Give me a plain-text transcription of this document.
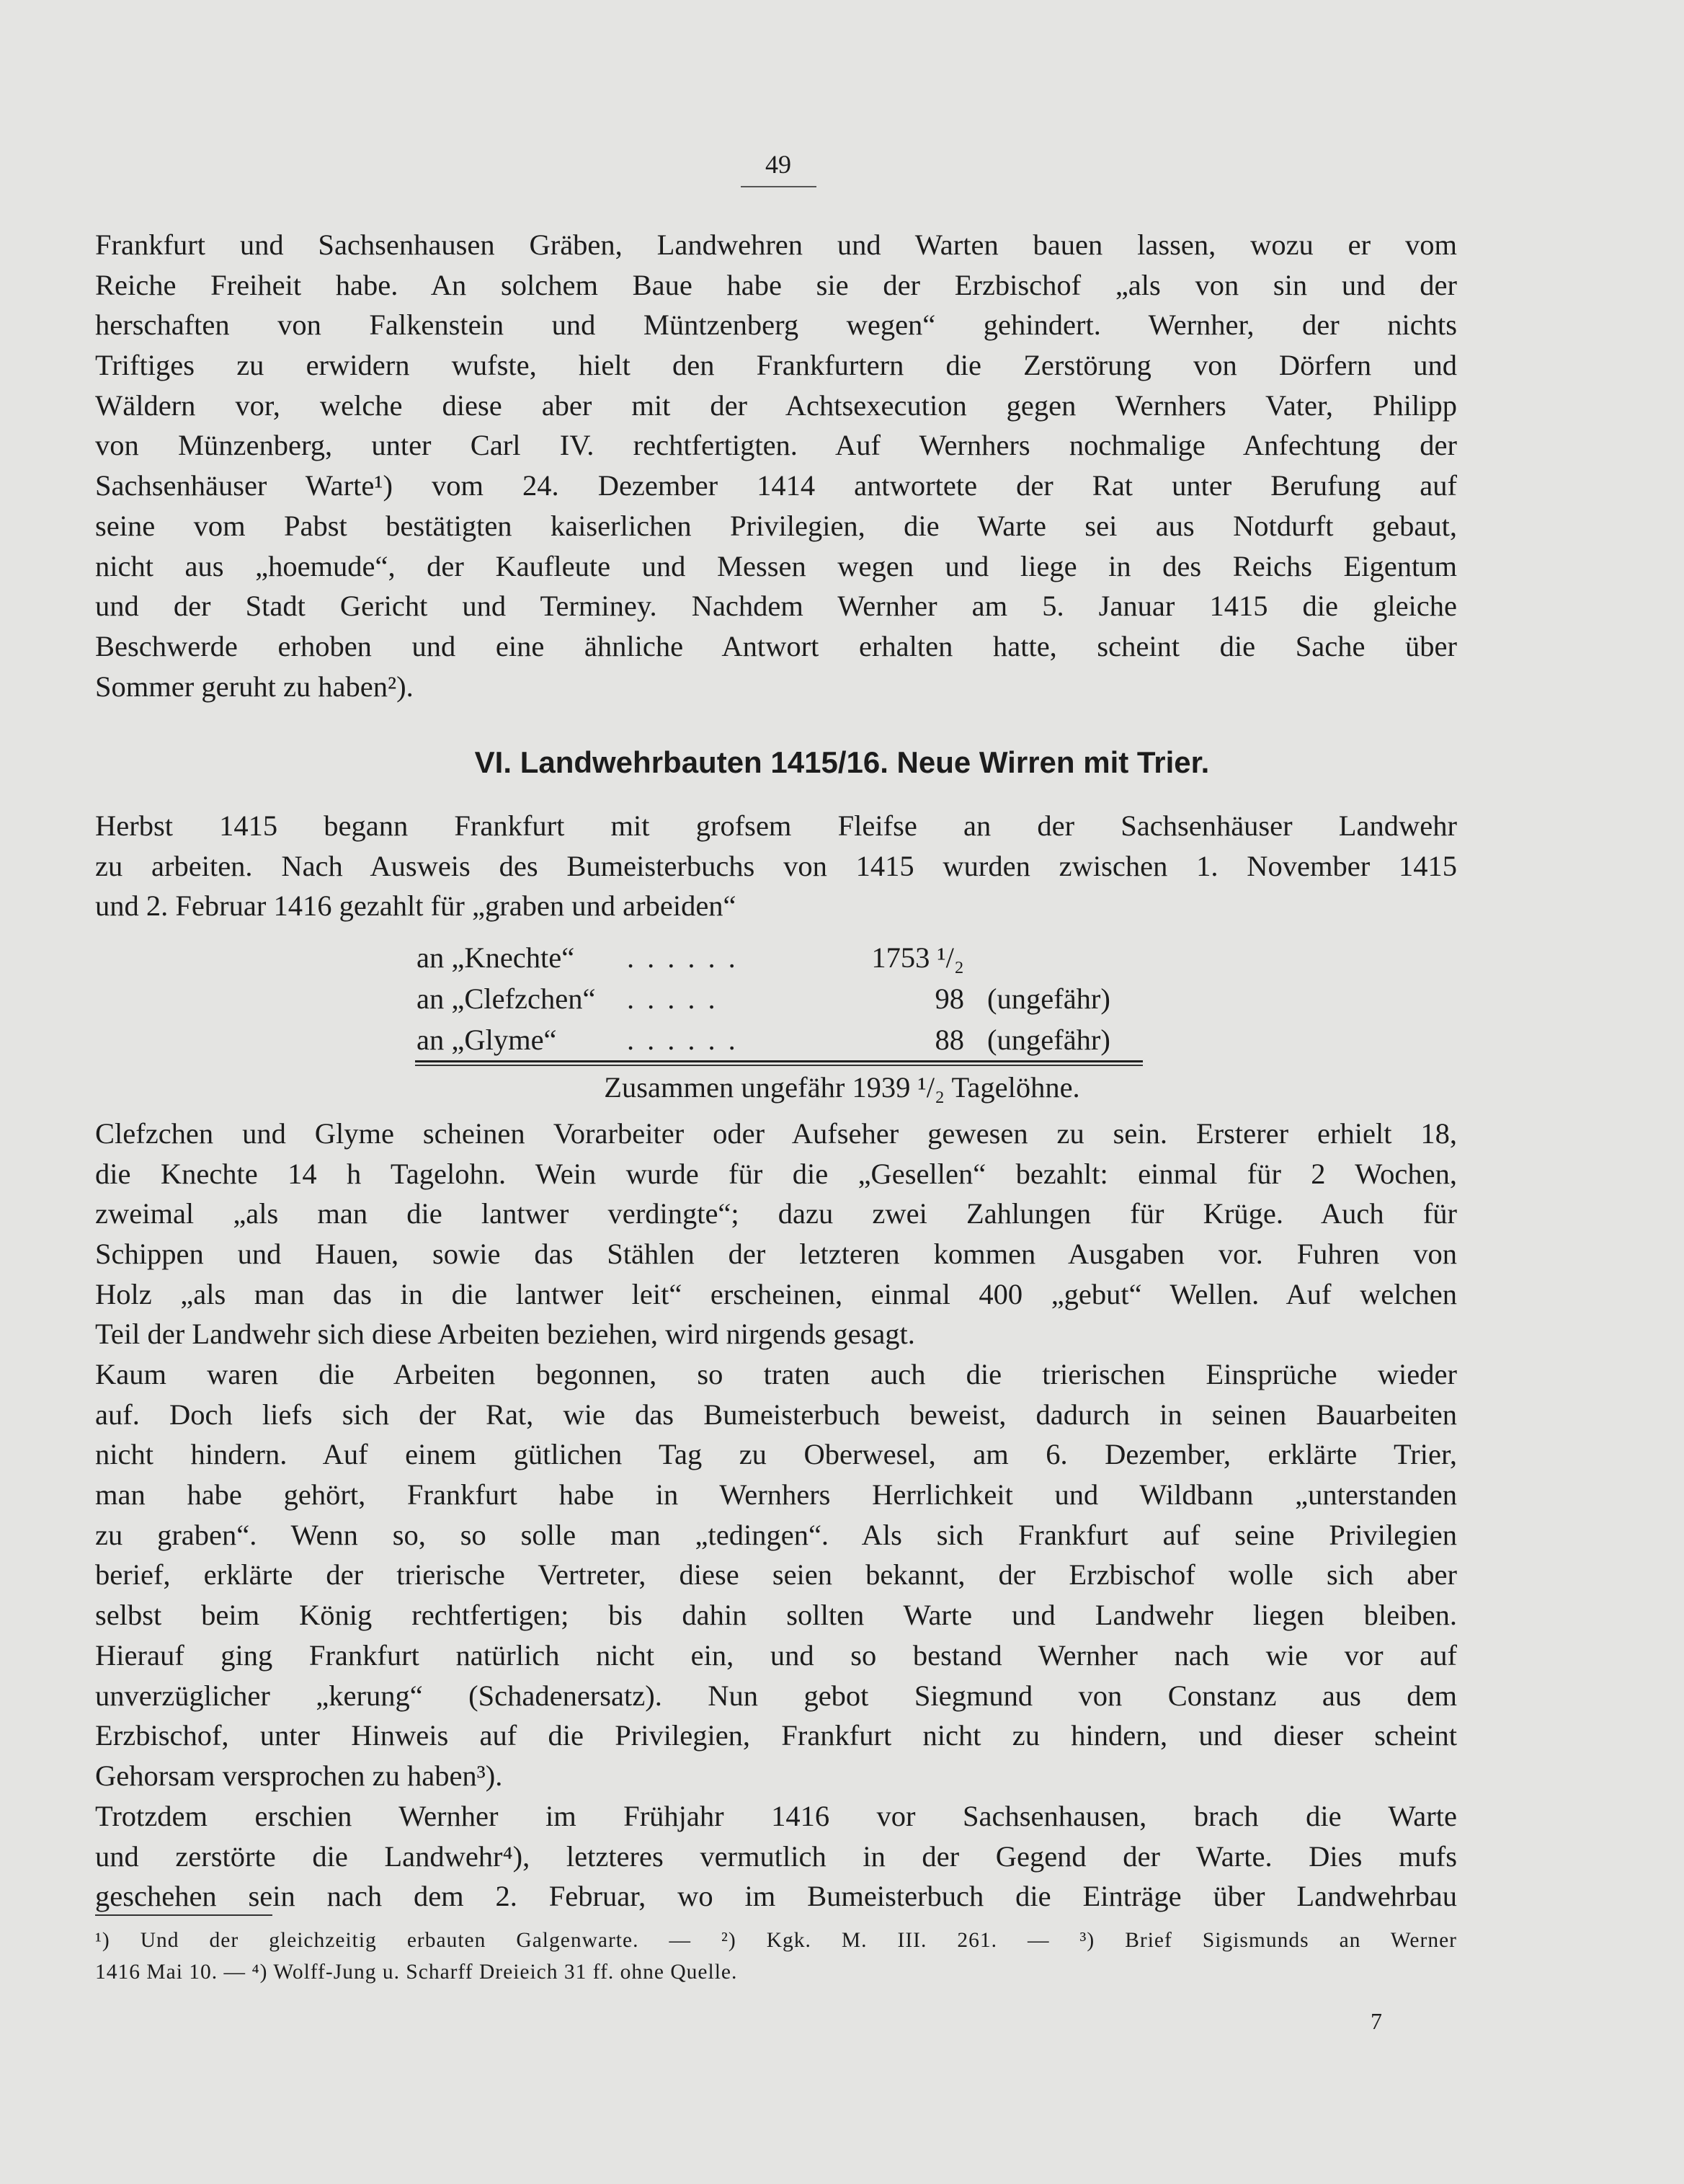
49
Frankfurt und Sachsenhausen Gräben, Landwehren und Warten bauen lassen, wozu er vom
Reiche Freiheit habe. An solchem Baue habe sie der Erzbischof „als von sin und der
herschaften von Falkenstein und Müntzenberg wegen“ gehindert. Wernher, der nichts
Triftiges zu erwidern wufste, hielt den Frankfurtern die Zerstörung von Dörfern und
Wäldern vor, welche diese aber mit der Achtsexecution gegen Wernhers Vater, Philipp
von Münzenberg, unter Carl IV. rechtfertigten. Auf Wernhers nochmalige Anfechtung der
Sachsenhäuser Warte¹) vom 24. Dezember 1414 antwortete der Rat unter Berufung auf
seine vom Pabst bestätigten kaiserlichen Privilegien, die Warte sei aus Notdurft gebaut,
nicht aus „hoemude“, der Kaufleute und Messen wegen und liege in des Reichs Eigentum
und der Stadt Gericht und Terminey. Nachdem Wernher am 5. Januar 1415 die gleiche
Beschwerde erhoben und eine ähnliche Antwort erhalten hatte, scheint die Sache über
Sommer geruht zu haben²).
VI. Landwehrbauten 1415/16. Neue Wirren mit Trier.
Herbst 1415 begann Frankfurt mit grofsem Fleifse an der Sachsenhäuser Landwehr
zu arbeiten. Nach Ausweis des Bumeisterbuchs von 1415 wurden zwischen 1. November 1415
und 2. Februar 1416 gezahlt für „graben und arbeiden“
an „Knechte“ ......	1753 ¹/₂
an „Clefzchen“ .....	98 (ungefähr)
an „Glyme“ ......	88 (ungefähr)
Zusammen ungefähr 1939 ¹/₂ Tagelöhne.
Clefzchen und Glyme scheinen Vorarbeiter oder Aufseher gewesen zu sein. Ersterer erhielt 18,
die Knechte 14 h Tagelohn. Wein wurde für die „Gesellen“ bezahlt: einmal für 2 Wochen,
zweimal „als man die lantwer verdingte“; dazu zwei Zahlungen für Krüge. Auch für
Schippen und Hauen, sowie das Stählen der letzteren kommen Ausgaben vor. Fuhren von
Holz „als man das in die lantwer leit“ erscheinen, einmal 400 „gebut“ Wellen. Auf welchen
Teil der Landwehr sich diese Arbeiten beziehen, wird nirgends gesagt.
Kaum waren die Arbeiten begonnen, so traten auch die trierischen Einsprüche wieder
auf. Doch liefs sich der Rat, wie das Bumeisterbuch beweist, dadurch in seinen Bauarbeiten
nicht hindern. Auf einem gütlichen Tag zu Oberwesel, am 6. Dezember, erklärte Trier,
man habe gehört, Frankfurt habe in Wernhers Herrlichkeit und Wildbann „unterstanden
zu graben“. Wenn so, so solle man „tedingen“. Als sich Frankfurt auf seine Privilegien
berief, erklärte der trierische Vertreter, diese seien bekannt, der Erzbischof wolle sich aber
selbst beim König rechtfertigen; bis dahin sollten Warte und Landwehr liegen bleiben.
Hierauf ging Frankfurt natürlich nicht ein, und so bestand Wernher nach wie vor auf
unverzüglicher „kerung“ (Schadenersatz). Nun gebot Siegmund von Constanz aus dem
Erzbischof, unter Hinweis auf die Privilegien, Frankfurt nicht zu hindern, und dieser scheint
Gehorsam versprochen zu haben³).
Trotzdem erschien Wernher im Frühjahr 1416 vor Sachsenhausen, brach die Warte
und zerstörte die Landwehr⁴), letzteres vermutlich in der Gegend der Warte. Dies mufs
geschehen sein nach dem 2. Februar, wo im Bumeisterbuch die Einträge über Landwehrbau
¹) Und der gleichzeitig erbauten Galgenwarte. — ²) Kgk. M. III. 261. — ³) Brief Sigismunds an Werner
1416 Mai 10. — ⁴) Wolff-Jung u. Scharff Dreieich 31 ff. ohne Quelle.
7
